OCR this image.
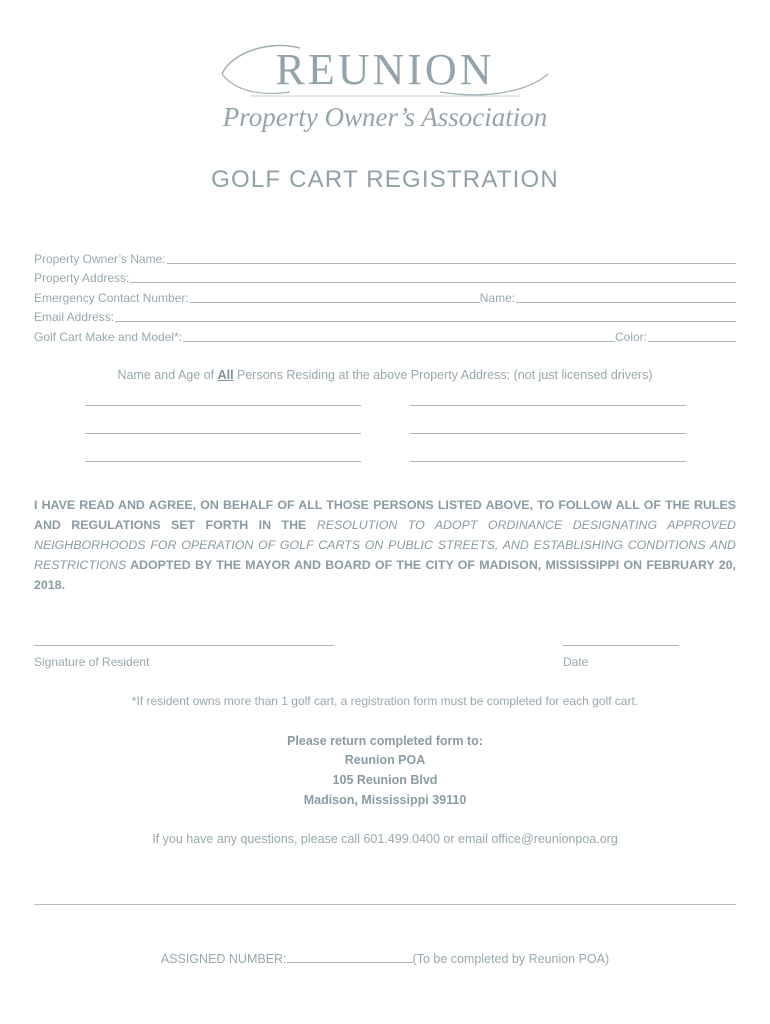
REUNION
Property Owner’s Association
GOLF CART REGISTRATION
Property Owner’s Name:
Property Address:
Emergency Contact Number:	Name:
Email Address:
Golf Cart Make and Model*:	Color:
Name and Age of All Persons Residing at the above Property Address: (not just licensed drivers)
I HAVE READ AND AGREE, ON BEHALF OF ALL THOSE PERSONS LISTED ABOVE, TO FOLLOW ALL OF THE RULES AND REGULATIONS SET FORTH IN THE RESOLUTION TO ADOPT ORDINANCE DESIGNATING APPROVED NEIGHBORHOODS FOR OPERATION OF GOLF CARTS ON PUBLIC STREETS, AND ESTABLISHING CONDITIONS AND RESTRICTIONS ADOPTED BY THE MAYOR AND BOARD OF THE CITY OF MADISON, MISSISSIPPI ON FEBRUARY 20, 2018.
Signature of Resident	Date
*If resident owns more than 1 golf cart, a registration form must be completed for each golf cart.
Please return completed form to:
Reunion POA
105 Reunion Blvd
Madison, Mississippi 39110
If you have any questions, please call 601.499.0400 or email office@reunionpoa.org
ASSIGNED NUMBER:	(To be completed by Reunion POA)
